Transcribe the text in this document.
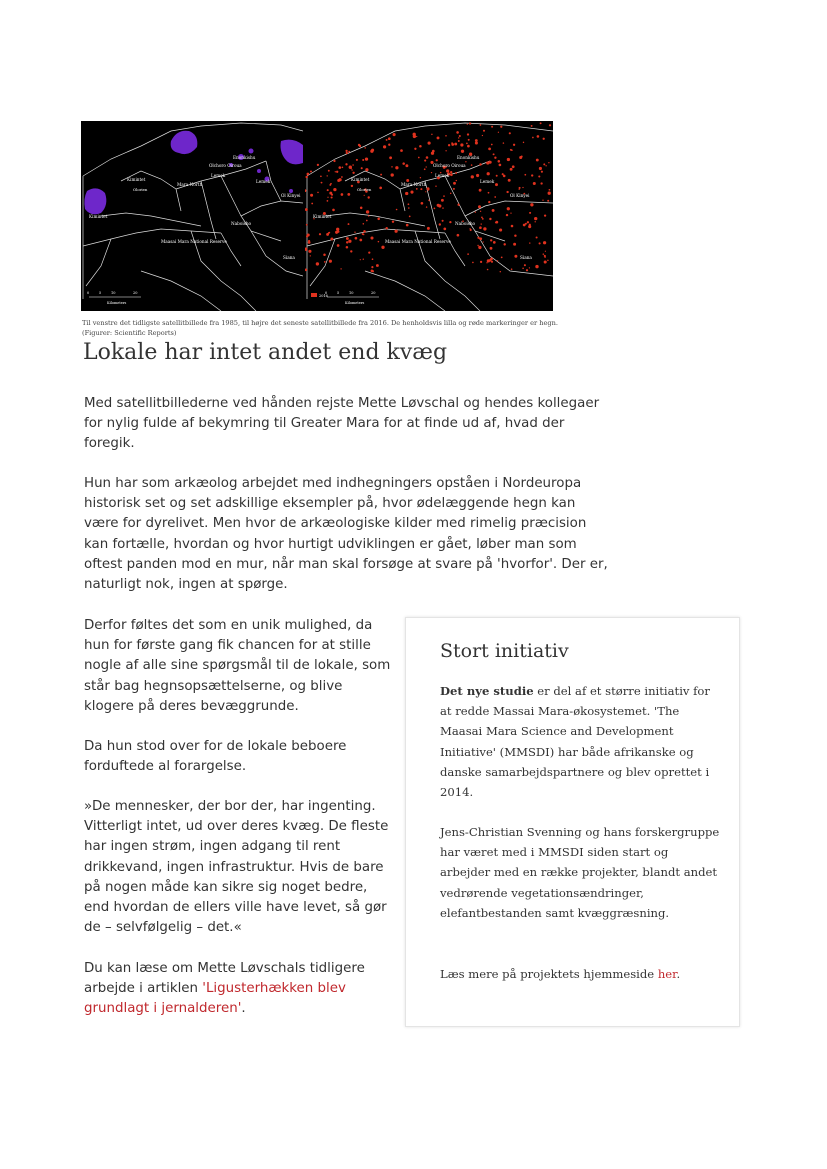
Kimintet
Olorien
Mara North
Olchoro Oiroua
Enonkishu
Lemek
Lemek
Ol Kinyei
Kimintet
Naboisho
Maasai Mara National Reserve
Siana
0	5	10	20
Kilometers
Kimintet
Olorien
Mara North
Olchoro Oiroua
Enonkishu
Lemek
Lemek
Ol Kinyei
Kimintet
Naboisho
Maasai Mara National Reserve
Siana
2016
0	5	10	20
Kilometers
Til venstre det tidligste satellitbillede fra 1985, til højre det seneste satellitbillede fra 2016. De henholdsvis lilla og røde markeringer er hegn. (Figurer: Scientific Reports)
Lokale har intet andet end kvæg

Med satellitbillederne ved hånden rejste Mette Løvschal og hendes kollegaer for nylig fulde af bekymring til Greater Mara for at finde ud af, hvad der foregik.

Hun har som arkæolog arbejdet med indhegningers opståen i Nordeuropa historisk set og set adskillige eksempler på, hvor ødelæggende hegn kan være for dyrelivet. Men hvor de arkæologiske kilder med rimelig præcision kan fortælle, hvordan og hvor hurtigt udviklingen er gået, løber man som oftest panden mod en mur, når man skal forsøge at svare på 'hvorfor'. Der er, naturligt nok, ingen at spørge.

Derfor føltes det som en unik mulighed, da hun for første gang fik chancen for at stille nogle af alle sine spørgsmål til de lokale, som står bag hegnsopsættelserne, og blive klogere på deres bevæggrunde.

Da hun stod over for de lokale beboere forduftede al forargelse.

»De mennesker, der bor der, har ingenting. Vitterligt intet, ud over deres kvæg. De fleste har ingen strøm, ingen adgang til rent drikkevand, ingen infrastruktur. Hvis de bare på nogen måde kan sikre sig noget bedre, end hvordan de ellers ville have levet, så gør de – selvfølgelig – det.«

Du kan læse om Mette Løvschals tidligere arbejde i artiklen 'Ligusterhækken blev grundlagt i jernalderen'.

Stort initiativ

Det nye studie er del af et større initiativ for at redde Massai Mara-økosystemet. 'The Maasai Mara Science and Development Initiative' (MMSDI) har både afrikanske og danske samarbejdspartnere og blev oprettet i 2014.

Jens-Christian Svenning og hans forskergruppe har været med i MMSDI siden start og arbejder med en række projekter, blandt andet vedrørende vegetationsændringer, elefantbestanden samt kvæggræsning.

Læs mere på projektets hjemmeside her.
